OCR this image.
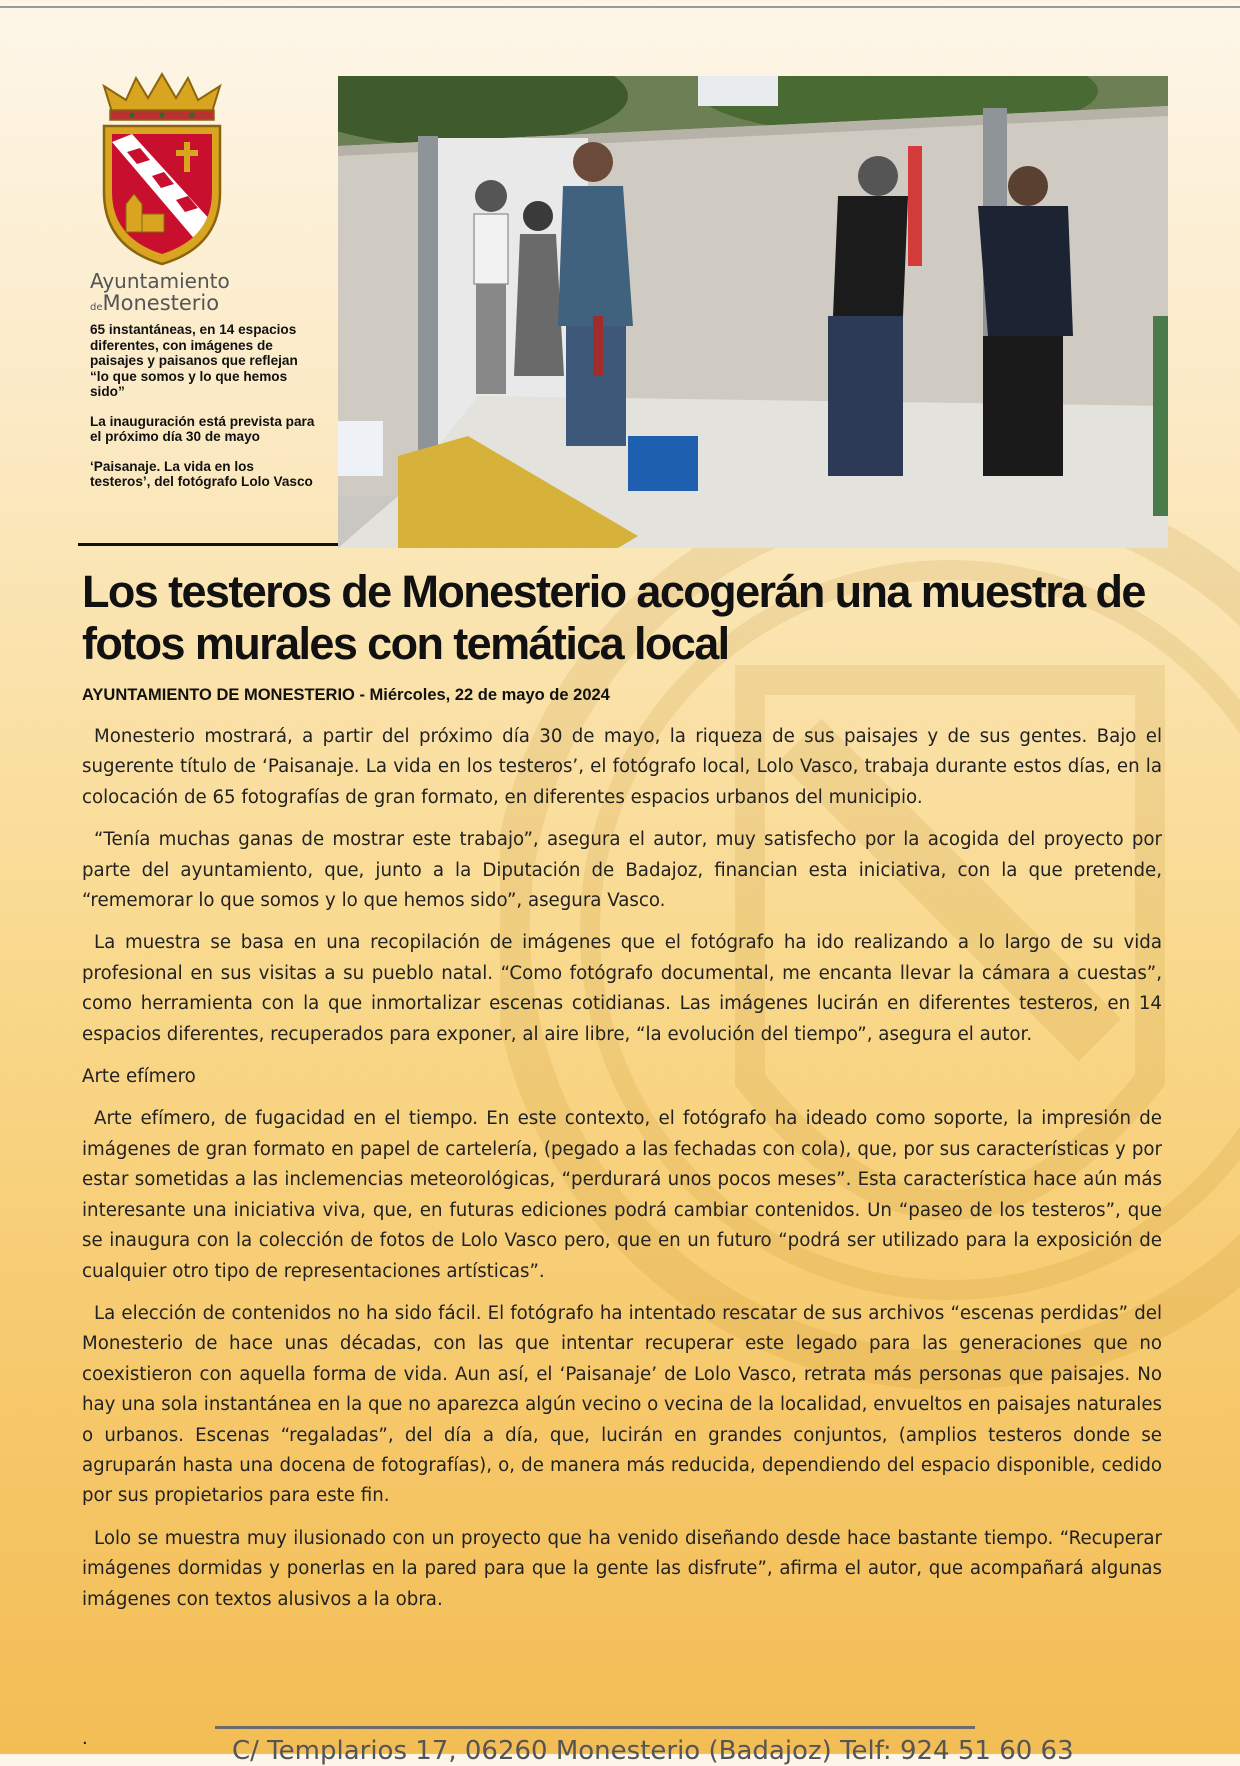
Ayuntamiento
deMonesterio

65 instantáneas, en 14 espacios diferentes, con imágenes de paisajes y paisanos que reflejan “lo que somos y lo que hemos sido”

La inauguración está prevista para el próximo día 30 de mayo

‘Paisanaje. La vida en los testeros’, del fotógrafo Lolo Vasco

Los testeros de Monesterio acogerán una muestra de fotos murales con temática local
AYUNTAMIENTO DE MONESTERIO - Miércoles, 22 de mayo de 2024

Monesterio mostrará, a partir del próximo día 30 de mayo, la riqueza de sus paisajes y de sus gentes. Bajo el sugerente título de ‘Paisanaje. La vida en los testeros’, el fotógrafo local, Lolo Vasco, trabaja durante estos días, en la colocación de 65 fotografías de gran formato, en diferentes espacios urbanos del municipio.

“Tenía muchas ganas de mostrar este trabajo”, asegura el autor, muy satisfecho por la acogida del proyecto por parte del ayuntamiento, que, junto a la Diputación de Badajoz, financian esta iniciativa, con la que pretende, “rememorar lo que somos y lo que hemos sido”, asegura Vasco.

La muestra se basa en una recopilación de imágenes que el fotógrafo ha ido realizando a lo largo de su vida profesional en sus visitas a su pueblo natal. “Como fotógrafo documental, me encanta llevar la cámara a cuestas”, como herramienta con la que inmortalizar escenas cotidianas. Las imágenes lucirán en diferentes testeros, en 14 espacios diferentes, recuperados para exponer, al aire libre, “la evolución del tiempo”, asegura el autor.

Arte efímero

Arte efímero, de fugacidad en el tiempo. En este contexto, el fotógrafo ha ideado como soporte, la impresión de imágenes de gran formato en papel de cartelería, (pegado a las fechadas con cola), que, por sus características y por estar sometidas a las inclemencias meteorológicas, “perdurará unos pocos meses”. Esta característica hace aún más interesante una iniciativa viva, que, en futuras ediciones podrá cambiar contenidos. Un “paseo de los testeros”, que se inaugura con la colección de fotos de Lolo Vasco pero, que en un futuro “podrá ser utilizado para la exposición de cualquier otro tipo de representaciones artísticas”.

La elección de contenidos no ha sido fácil. El fotógrafo ha intentado rescatar de sus archivos “escenas perdidas” del Monesterio de hace unas décadas, con las que intentar recuperar este legado para las generaciones que no coexistieron con aquella forma de vida. Aun así, el ‘Paisanaje’ de Lolo Vasco, retrata más personas que paisajes. No hay una sola instantánea en la que no aparezca algún vecino o vecina de la localidad, envueltos en paisajes naturales o urbanos. Escenas “regaladas”, del día a día, que, lucirán en grandes conjuntos, (amplios testeros donde se agruparán hasta una docena de fotografías), o, de manera más reducida, dependiendo del espacio disponible, cedido por sus propietarios para este fin.

Lolo se muestra muy ilusionado con un proyecto que ha venido diseñando desde hace bastante tiempo. “Recuperar imágenes dormidas y ponerlas en la pared para que la gente las disfrute”, afirma el autor, que acompañará algunas imágenes con textos alusivos a la obra.

.	C/ Templarios 17, 06260 Monesterio (Badajoz) Telf: 924 51 60 63
